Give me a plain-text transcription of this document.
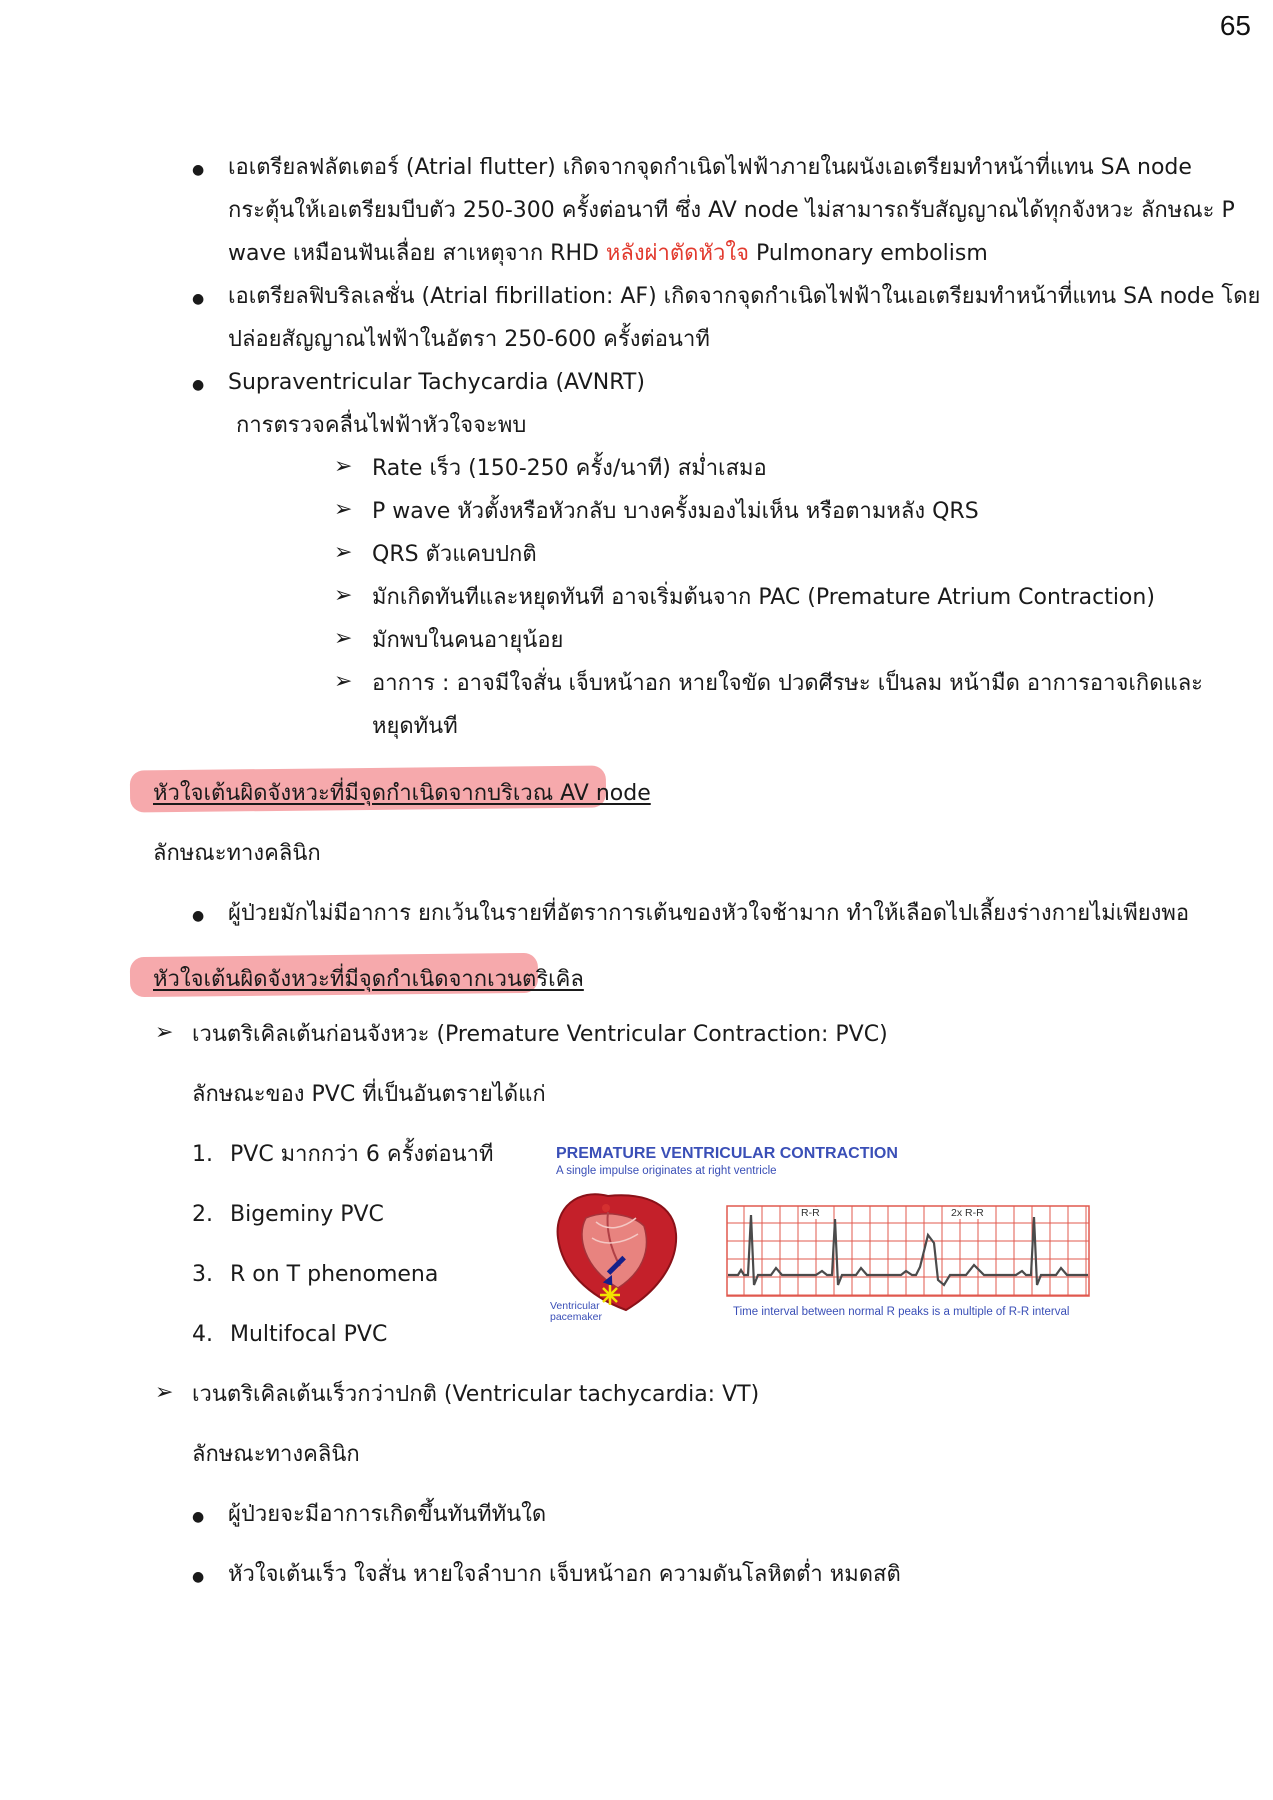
65
● เอเตรียลฟลัตเตอร์ (Atrial flutter) เกิดจากจุดกำเนิดไฟฟ้าภายในผนังเอเตรียมทำหน้าที่แทน SA node
กระตุ้นให้เอเตรียมบีบตัว 250-300 ครั้งต่อนาที ซึ่ง AV node ไม่สามารถรับสัญญาณได้ทุกจังหวะ ลักษณะ P
wave เหมือนฟันเลื่อย สาเหตุจาก RHD หลังผ่าตัดหัวใจ Pulmonary embolism
● เอเตรียลฟิบริลเลชั่น (Atrial fibrillation: AF) เกิดจากจุดกำเนิดไฟฟ้าในเอเตรียมทำหน้าที่แทน SA node โดย
ปล่อยสัญญาณไฟฟ้าในอัตรา 250-600 ครั้งต่อนาที
● Supraventricular Tachycardia (AVNRT)
การตรวจคลื่นไฟฟ้าหัวใจจะพบ
➢ Rate เร็ว (150-250 ครั้ง/นาที) สม่ำเสมอ
➢ P wave หัวตั้งหรือหัวกลับ บางครั้งมองไม่เห็น หรือตามหลัง QRS
➢ QRS ตัวแคบปกติ
➢ มักเกิดทันทีและหยุดทันที อาจเริ่มต้นจาก PAC (Premature Atrium Contraction)
➢ มักพบในคนอายุน้อย
➢ อาการ : อาจมีใจสั่น เจ็บหน้าอก หายใจขัด ปวดศีรษะ เป็นลม หน้ามืด อาการอาจเกิดและ
หยุดทันที
หัวใจเต้นผิดจังหวะที่มีจุดกำเนิดจากบริเวณ AV node
ลักษณะทางคลินิก
● ผู้ป่วยมักไม่มีอาการ ยกเว้นในรายที่อัตราการเต้นของหัวใจช้ามาก ทำให้เลือดไปเลี้ยงร่างกายไม่เพียงพอ
หัวใจเต้นผิดจังหวะที่มีจุดกำเนิดจากเวนตริเคิล
➢ เวนตริเคิลเต้นก่อนจังหวะ (Premature Ventricular Contraction: PVC)
ลักษณะของ PVC ที่เป็นอันตรายได้แก่
1. PVC มากกว่า 6 ครั้งต่อนาที
2. Bigeminy PVC
3. R on T phenomena
4. Multifocal PVC
PREMATURE VENTRICULAR CONTRACTION
A single impulse originates at right ventricle
Ventricular
pacemaker
R-R	2x R-R
Time interval between normal R peaks is a multiple of R-R interval
➢ เวนตริเคิลเต้นเร็วกว่าปกติ (Ventricular tachycardia: VT)
ลักษณะทางคลินิก
● ผู้ป่วยจะมีอาการเกิดขึ้นทันทีทันใด
● หัวใจเต้นเร็ว ใจสั่น หายใจลำบาก เจ็บหน้าอก ความดันโลหิตต่ำ หมดสติ
